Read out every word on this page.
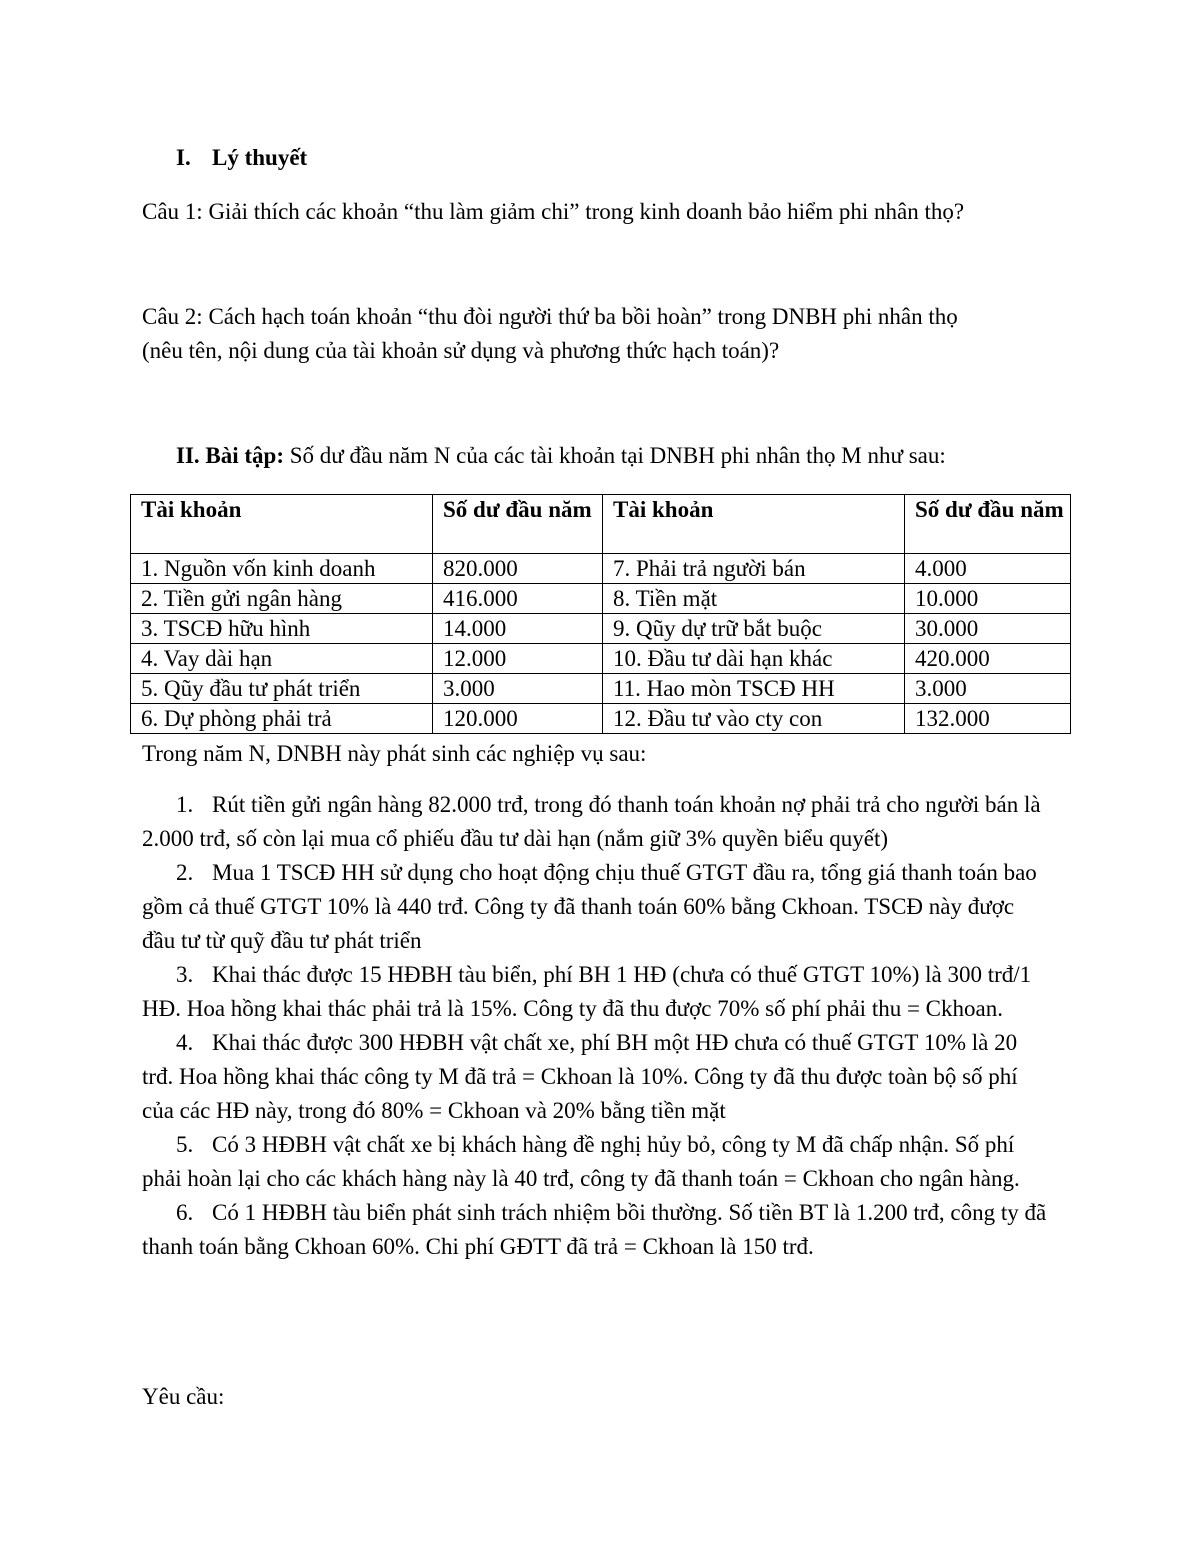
I. Lý thuyết
Câu 1: Giải thích các khoản “thu làm giảm chi” trong kinh doanh bảo hiểm phi nhân thọ?
Câu 2: Cách hạch toán khoản “thu đòi người thứ ba bồi hoàn” trong DNBH phi nhân thọ
(nêu tên, nội dung của tài khoản sử dụng và phương thức hạch toán)?
II. Bài tập: Số dư đầu năm N của các tài khoản tại DNBH phi nhân thọ M như sau:
Tài khoản	Số dư đầu năm	Tài khoản	Số dư đầu năm
1. Nguồn vốn kinh doanh	820.000	7. Phải trả người bán	4.000
2. Tiền gửi ngân hàng	416.000	8. Tiền mặt	10.000
3. TSCĐ hữu hình	14.000	9. Qũy dự trữ bắt buộc	30.000
4. Vay dài hạn	12.000	10. Đầu tư dài hạn khác	420.000
5. Qũy đầu tư phát triển	3.000	11. Hao mòn TSCĐ HH	3.000
6. Dự phòng phải trả	120.000	12. Đầu tư vào cty con	132.000
Trong năm N, DNBH này phát sinh các nghiệp vụ sau:

1. Rút tiền gửi ngân hàng 82.000 trđ, trong đó thanh toán khoản nợ phải trả cho người bán là 2.000 trđ, số còn lại mua cổ phiếu đầu tư dài hạn (nắm giữ 3% quyền biểu quyết)

2. Mua 1 TSCĐ HH sử dụng cho hoạt động chịu thuế GTGT đầu ra, tổng giá thanh toán bao gồm cả thuế GTGT 10% là 440 trđ. Công ty đã thanh toán 60% bằng Ckhoan. TSCĐ này được đầu tư từ quỹ đầu tư phát triển

3. Khai thác được 15 HĐBH tàu biển, phí BH 1 HĐ (chưa có thuế GTGT 10%) là 300 trđ/1 HĐ. Hoa hồng khai thác phải trả là 15%. Công ty đã thu được 70% số phí phải thu = Ckhoan.

4. Khai thác được 300 HĐBH vật chất xe, phí BH một HĐ chưa có thuế GTGT 10% là 20 trđ. Hoa hồng khai thác công ty M đã trả = Ckhoan là 10%. Công ty đã thu được toàn bộ số phí của các HĐ này, trong đó 80% = Ckhoan và 20% bằng tiền mặt

5. Có 3 HĐBH vật chất xe bị khách hàng đề nghị hủy bỏ, công ty M đã chấp nhận. Số phí phải hoàn lại cho các khách hàng này là 40 trđ, công ty đã thanh toán = Ckhoan cho ngân hàng.

6. Có 1 HĐBH tàu biển phát sinh trách nhiệm bồi thường. Số tiền BT là 1.200 trđ, công ty đã thanh toán bằng Ckhoan 60%. Chi phí GĐTT đã trả = Ckhoan là 150 trđ.

Yêu cầu:
